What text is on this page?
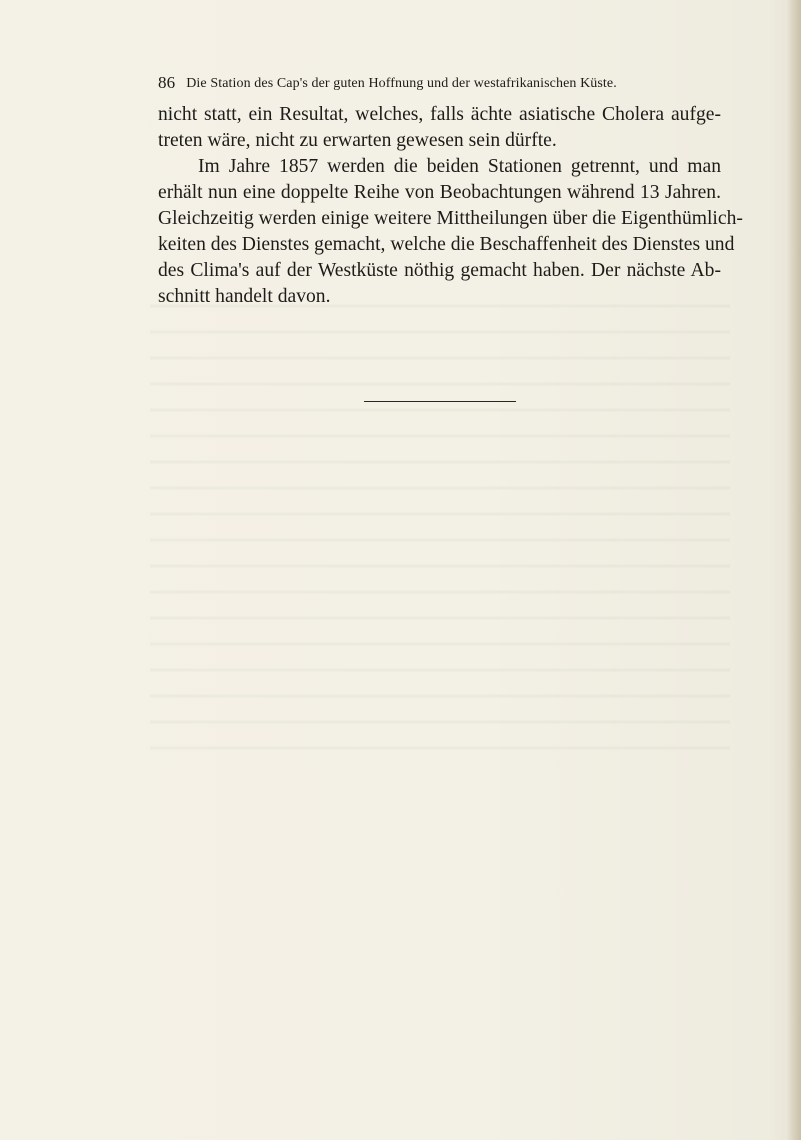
86 Die Station des Cap's der guten Hoffnung und der westafrikanischen Küste.
nicht statt, ein Resultat, welches, falls ächte asiatische Cholera aufge-
treten wäre, nicht zu erwarten gewesen sein dürfte.
Im Jahre 1857 werden die beiden Stationen getrennt, und man
erhält nun eine doppelte Reihe von Beobachtungen während 13 Jahren.
Gleichzeitig werden einige weitere Mittheilungen über die Eigenthümlich-
keiten des Dienstes gemacht, welche die Beschaffenheit des Dienstes und
des Clima's auf der Westküste nöthig gemacht haben. Der nächste Ab-
schnitt handelt davon.
